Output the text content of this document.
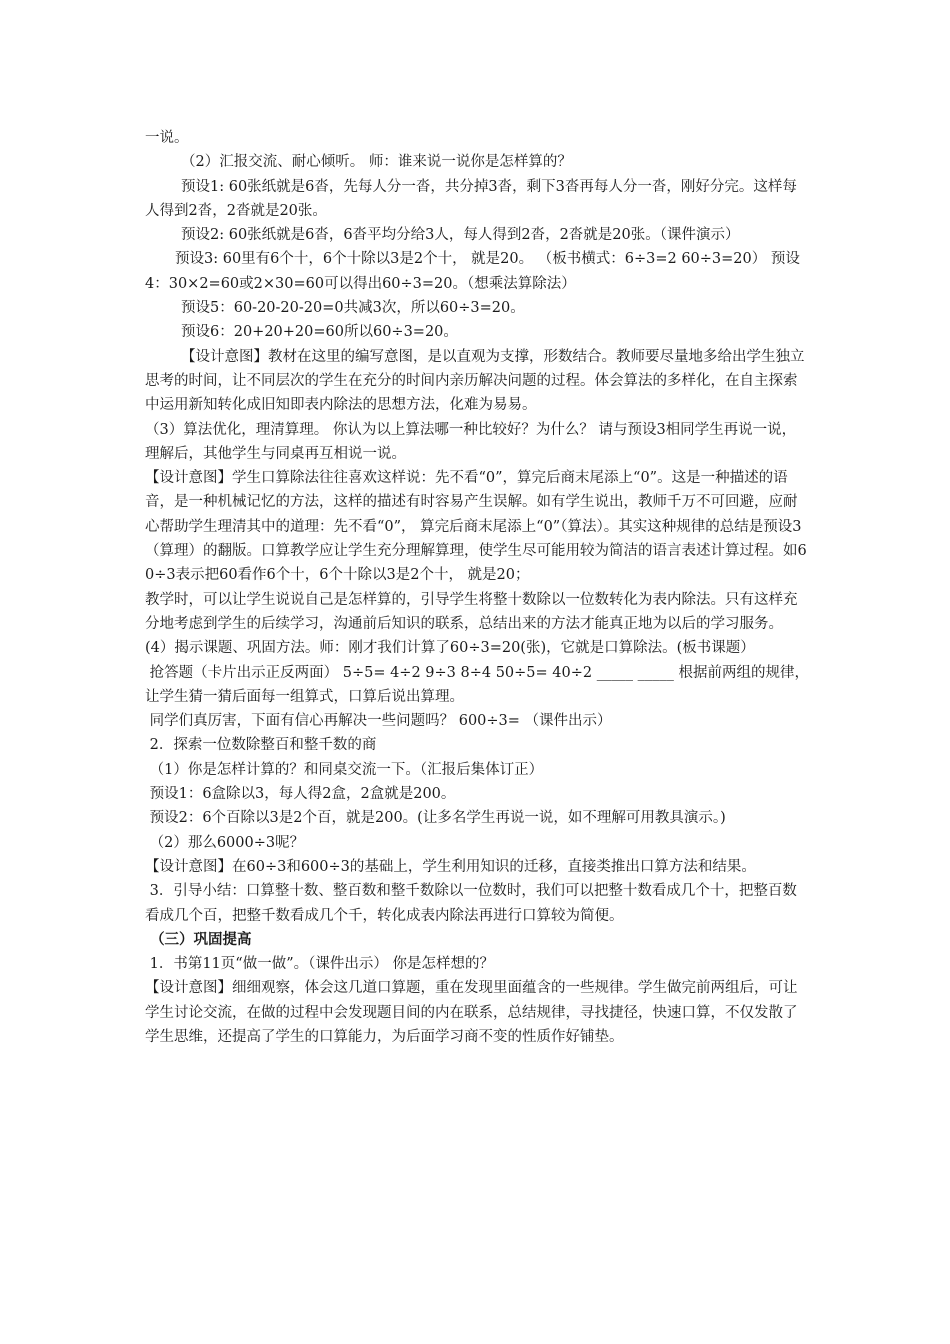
一说。

（2）汇报交流、耐心倾听。 师：谁来说一说你是怎样算的？

预设1: 60张纸就是6沓，先每人分一沓，共分掉3沓，剩下3沓再每人分一沓，刚好分完。这样每人得到2沓，2沓就是20张。

预设2: 60张纸就是6沓，6沓平均分给3人，每人得到2沓，2沓就是20张。（课件演示）

预设3: 60里有6个十，6个十除以3是2个十， 就是20。 （板书横式：6÷3=2 60÷3=20） 预设4：30×2=60或2×30=60可以得出60÷3=20。（想乘法算除法）

预设5：60-20-20-20=0共减3次，所以60÷3=20。

预设6：20+20+20=60所以60÷3=20。

【设计意图】教材在这里的编写意图，是以直观为支撑，形数结合。教师要尽量地多给出学生独立思考的时间，让不同层次的学生在充分的时间内亲历解决问题的过程。体会算法的多样化，在自主探索中运用新知转化成旧知即表内除法的思想方法，化难为易易。

（3）算法优化，理清算理。 你认为以上算法哪一种比较好？为什么？ 请与预设3相同学生再说一说，理解后，其他学生与同桌再互相说一说。

【设计意图】学生口算除法往往喜欢这样说：先不看“0”，算完后商末尾添上“0”。这是一种描述的语音，是一种机械记忆的方法，这样的描述有时容易产生误解。如有学生说出，教师千万不可回避，应耐心帮助学生理清其中的道理：先不看“0”， 算完后商末尾添上“0”（算法）。其实这种规律的总结是预设3（算理）的翻版。口算教学应让学生充分理解算理，使学生尽可能用较为简洁的语言表述计算过程。如60÷3表示把60看作6个十，6个十除以3是2个十， 就是20；

教学时，可以让学生说说自己是怎样算的，引导学生将整十数除以一位数转化为表内除法。只有这样充分地考虑到学生的后续学习，沟通前后知识的联系，总结出来的方法才能真正地为以后的学习服务。

(4）揭示课题、巩固方法。师：刚才我们计算了60÷3=20(张)，它就是口算除法。(板书课题）

抢答题（卡片出示正反两面） 5÷5= 4÷2 9÷3 8÷4 50÷5= 40÷2 _____ _____ 根据前两组的规律，让学生猜一猜后面每一组算式，口算后说出算理。

同学们真厉害，下面有信心再解决一些问题吗？ 600÷3= （课件出示）

2．探索一位数除整百和整千数的商

（1）你是怎样计算的？和同桌交流一下。（汇报后集体订正）

预设1：6盒除以3，每人得2盒，2盒就是200。

预设2：6个百除以3是2个百，就是200。(让多名学生再说一说，如不理解可用教具演示。)

（2）那么6000÷3呢？

【设计意图】在60÷3和600÷3的基础上，学生利用知识的迁移，直接类推出口算方法和结果。

3．引导小结：口算整十数、整百数和整千数除以一位数时，我们可以把整十数看成几个十，把整百数看成几个百，把整千数看成几个千，转化成表内除法再进行口算较为简便。

（三）巩固提高

1．书第11页“做一做”。（课件出示） 你是怎样想的？

【设计意图】细细观察，体会这几道口算题，重在发现里面蕴含的一些规律。学生做完前两组后，可让学生讨论交流，在做的过程中会发现题目间的内在联系，总结规律，寻找捷径，快速口算，不仅发散了学生思维，还提高了学生的口算能力，为后面学习商不变的性质作好铺垫。
